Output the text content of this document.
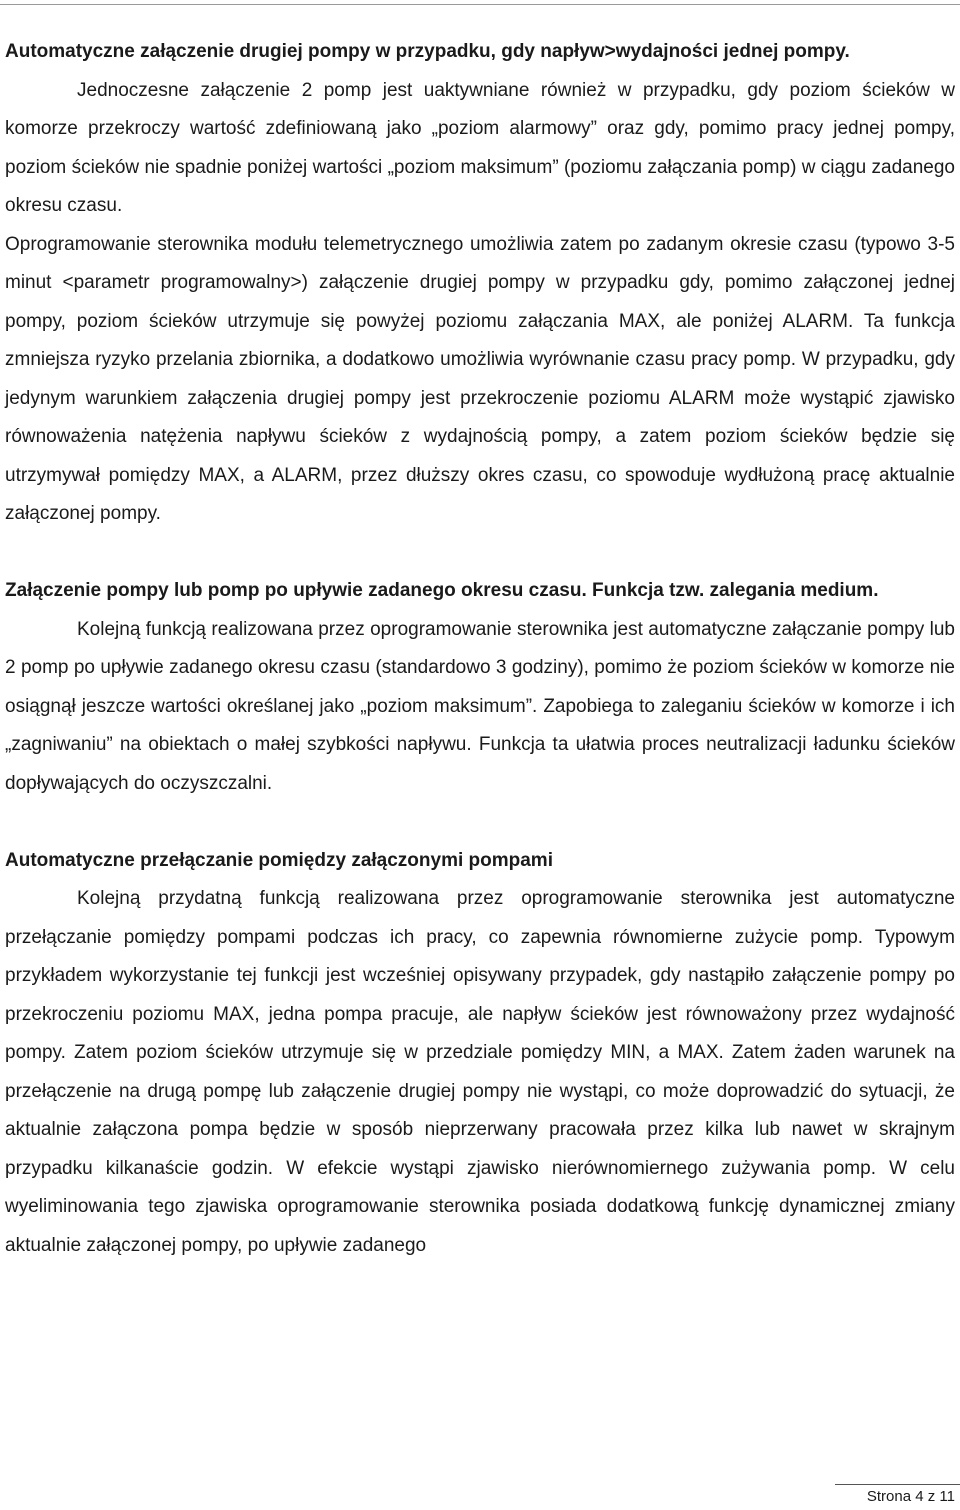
Automatyczne załączenie drugiej pompy w przypadku, gdy napływ>wydajności jednej pompy.

Jednoczesne załączenie 2 pomp jest uaktywniane również w przypadku, gdy poziom ścieków w komorze przekroczy wartość zdefiniowaną jako „poziom alarmowy” oraz gdy, pomimo pracy jednej pompy, poziom ścieków nie spadnie poniżej wartości „poziom maksimum” (poziomu załączania pomp) w ciągu zadanego okresu czasu.

Oprogramowanie sterownika modułu telemetrycznego umożliwia zatem po zadanym okresie czasu (typowo 3-5 minut <parametr programowalny>) załączenie drugiej pompy w przypadku gdy, pomimo załączonej jednej pompy, poziom ścieków utrzymuje się powyżej poziomu załączania MAX, ale poniżej ALARM. Ta funkcja zmniejsza ryzyko przelania zbiornika, a dodatkowo umożliwia wyrównanie czasu pracy pomp. W przypadku, gdy jedynym warunkiem załączenia drugiej pompy jest przekroczenie poziomu ALARM może wystąpić zjawisko równoważenia natężenia napływu ścieków z wydajnością pompy, a zatem poziom ścieków będzie się utrzymywał pomiędzy MAX, a ALARM, przez dłuższy okres czasu, co spowoduje wydłużoną pracę aktualnie załączonej pompy.

Załączenie pompy lub pomp po upływie zadanego okresu czasu. Funkcja tzw. zalegania medium.

Kolejną funkcją realizowana przez oprogramowanie sterownika jest automatyczne załączanie pompy lub 2 pomp po upływie zadanego okresu czasu (standardowo 3 godziny), pomimo że poziom ścieków w komorze nie osiągnął jeszcze wartości określanej jako „poziom maksimum”. Zapobiega to zaleganiu ścieków w komorze i ich „zagniwaniu” na obiektach o małej szybkości napływu. Funkcja ta ułatwia proces neutralizacji ładunku ścieków dopływających do oczyszczalni.

Automatyczne przełączanie pomiędzy załączonymi pompami

Kolejną przydatną funkcją realizowana przez oprogramowanie sterownika jest automatyczne przełączanie pomiędzy pompami podczas ich pracy, co zapewnia równomierne zużycie pomp. Typowym przykładem wykorzystanie tej funkcji jest wcześniej opisywany przypadek, gdy nastąpiło załączenie pompy po przekroczeniu poziomu MAX, jedna pompa pracuje, ale napływ ścieków jest równoważony przez wydajność pompy. Zatem poziom ścieków utrzymuje się w przedziale pomiędzy MIN, a MAX. Zatem żaden warunek na przełączenie na drugą pompę lub załączenie drugiej pompy nie wystąpi, co może doprowadzić do sytuacji, że aktualnie załączona pompa będzie w sposób nieprzerwany pracowała przez kilka lub nawet w skrajnym przypadku kilkanaście godzin. W efekcie wystąpi zjawisko nierównomiernego zużywania pomp. W celu wyeliminowania tego zjawiska oprogramowanie sterownika posiada dodatkową funkcję dynamicznej zmiany aktualnie załączonej pompy, po upływie zadanego

Strona 4 z 11
